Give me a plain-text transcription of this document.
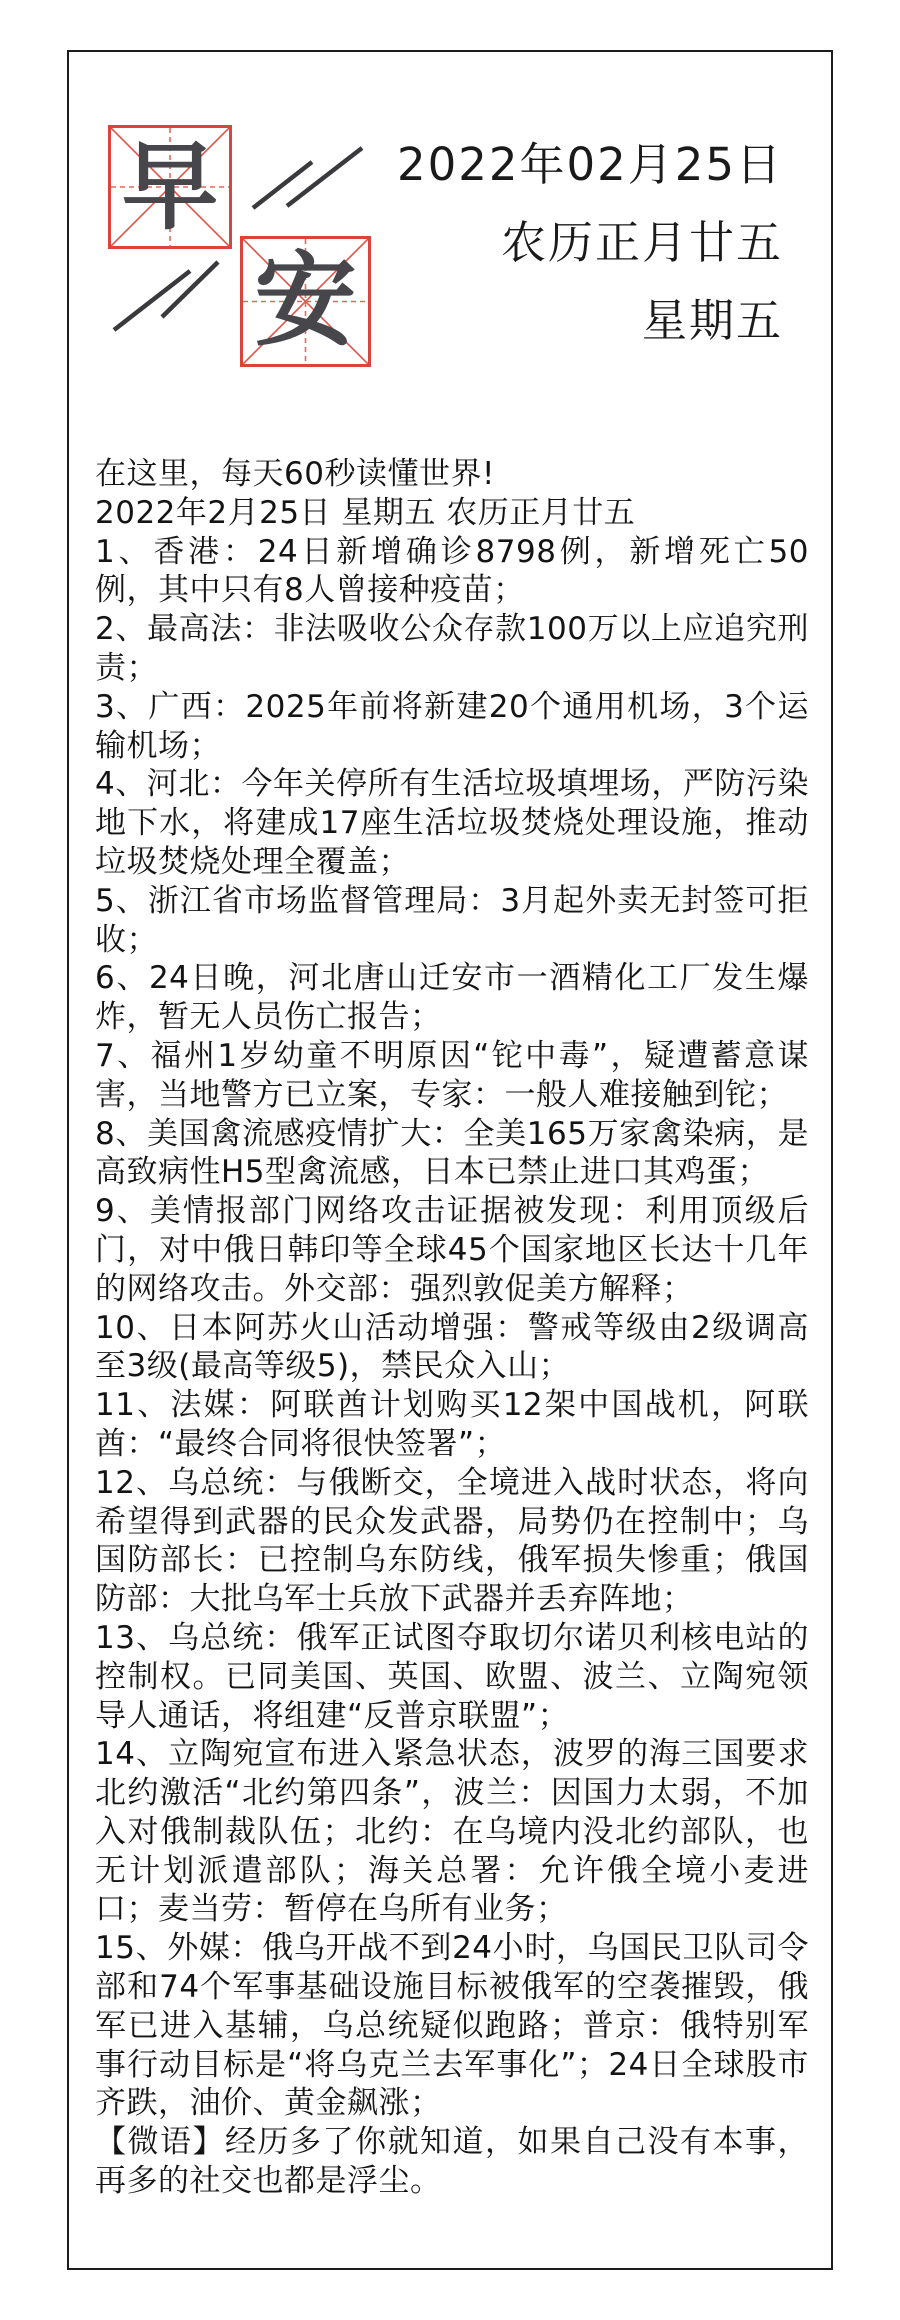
早
安
2022年02月25日
农历正月廿五
星期五

在这里，每天60秒读懂世界!

2022年2月25日 星期五 农历正月廿五

1、香港：24日新增确诊8798例，新增死亡50例，其中只有8人曾接种疫苗；

2、最高法：非法吸收公众存款100万以上应追究刑责；

3、广西：2025年前将新建20个通用机场，3个运输机场；

4、河北：今年关停所有生活垃圾填埋场，严防污染地下水，将建成17座生活垃圾焚烧处理设施，推动垃圾焚烧处理全覆盖；

5、浙江省市场监督管理局：3月起外卖无封签可拒收；

6、24日晚，河北唐山迁安市一酒精化工厂发生爆炸，暂无人员伤亡报告；

7、福州1岁幼童不明原因“铊中毒”，疑遭蓄意谋害，当地警方已立案，专家：一般人难接触到铊；

8、美国禽流感疫情扩大：全美165万家禽染病，是高致病性H5型禽流感，日本已禁止进口其鸡蛋；

9、美情报部门网络攻击证据被发现：利用顶级后门，对中俄日韩印等全球45个国家地区长达十几年的网络攻击。外交部：强烈敦促美方解释；

10、日本阿苏火山活动增强：警戒等级由2级调高至3级(最高等级5)，禁民众入山；

11、法媒：阿联酋计划购买12架中国战机，阿联酋：“最终合同将很快签署”；

12、乌总统：与俄断交，全境进入战时状态，将向希望得到武器的民众发武器，局势仍在控制中；乌国防部长：已控制乌东防线，俄军损失惨重；俄国防部：大批乌军士兵放下武器并丢弃阵地；

13、乌总统：俄军正试图夺取切尔诺贝利核电站的控制权。已同美国、英国、欧盟、波兰、立陶宛领导人通话，将组建“反普京联盟”；

14、立陶宛宣布进入紧急状态，波罗的海三国要求北约激活“北约第四条”，波兰：因国力太弱，不加入对俄制裁队伍；北约：在乌境内没北约部队，也无计划派遣部队；海关总署：允许俄全境小麦进口；麦当劳：暂停在乌所有业务；

15、外媒：俄乌开战不到24小时，乌国民卫队司令部和74个军事基础设施目标被俄军的空袭摧毁，俄军已进入基辅，乌总统疑似跑路；普京：俄特别军事行动目标是“将乌克兰去军事化”；24日全球股市齐跌，油价、黄金飙涨；

【微语】经历多了你就知道，如果自己没有本事，再多的社交也都是浮尘。
